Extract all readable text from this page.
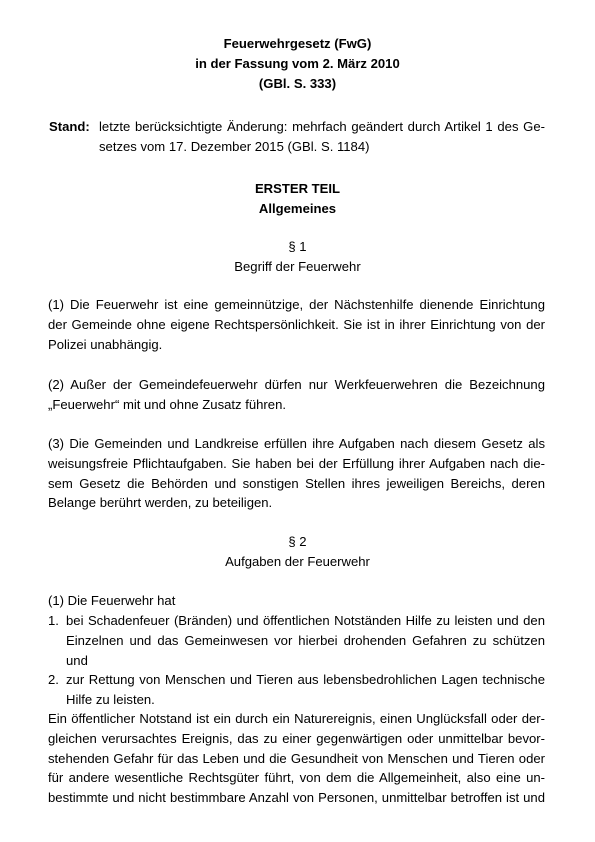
Feuerwehrgesetz (FwG)
in der Fassung vom 2. März 2010
(GBl. S. 333)
Stand: letzte berücksichtigte Änderung: mehrfach geändert durch Artikel 1 des Ge-
setzes vom 17. Dezember 2015 (GBl. S. 1184)
ERSTER TEIL
Allgemeines
§ 1
Begriff der Feuerwehr
(1) Die Feuerwehr ist eine gemeinnützige, der Nächstenhilfe dienende Einrichtung
der Gemeinde ohne eigene Rechtspersönlichkeit. Sie ist in ihrer Einrichtung von der
Polizei unabhängig.
(2) Außer der Gemeindefeuerwehr dürfen nur Werkfeuerwehren die Bezeichnung
„Feuerwehr“ mit und ohne Zusatz führen.
(3) Die Gemeinden und Landkreise erfüllen ihre Aufgaben nach diesem Gesetz als
weisungsfreie Pflichtaufgaben. Sie haben bei der Erfüllung ihrer Aufgaben nach die-
sem Gesetz die Behörden und sonstigen Stellen ihres jeweiligen Bereichs, deren
Belange berührt werden, zu beteiligen.
§ 2
Aufgaben der Feuerwehr
(1) Die Feuerwehr hat
1. bei Schadenfeuer (Bränden) und öffentlichen Notständen Hilfe zu leisten und den
Einzelnen und das Gemeinwesen vor hierbei drohenden Gefahren zu schützen
und
2. zur Rettung von Menschen und Tieren aus lebensbedrohlichen Lagen technische
Hilfe zu leisten.
Ein öffentlicher Notstand ist ein durch ein Naturereignis, einen Unglücksfall oder der-
gleichen verursachtes Ereignis, das zu einer gegenwärtigen oder unmittelbar bevor-
stehenden Gefahr für das Leben und die Gesundheit von Menschen und Tieren oder
für andere wesentliche Rechtsgüter führt, von dem die Allgemeinheit, also eine un-
bestimmte und nicht bestimmbare Anzahl von Personen, unmittelbar betroffen ist und
